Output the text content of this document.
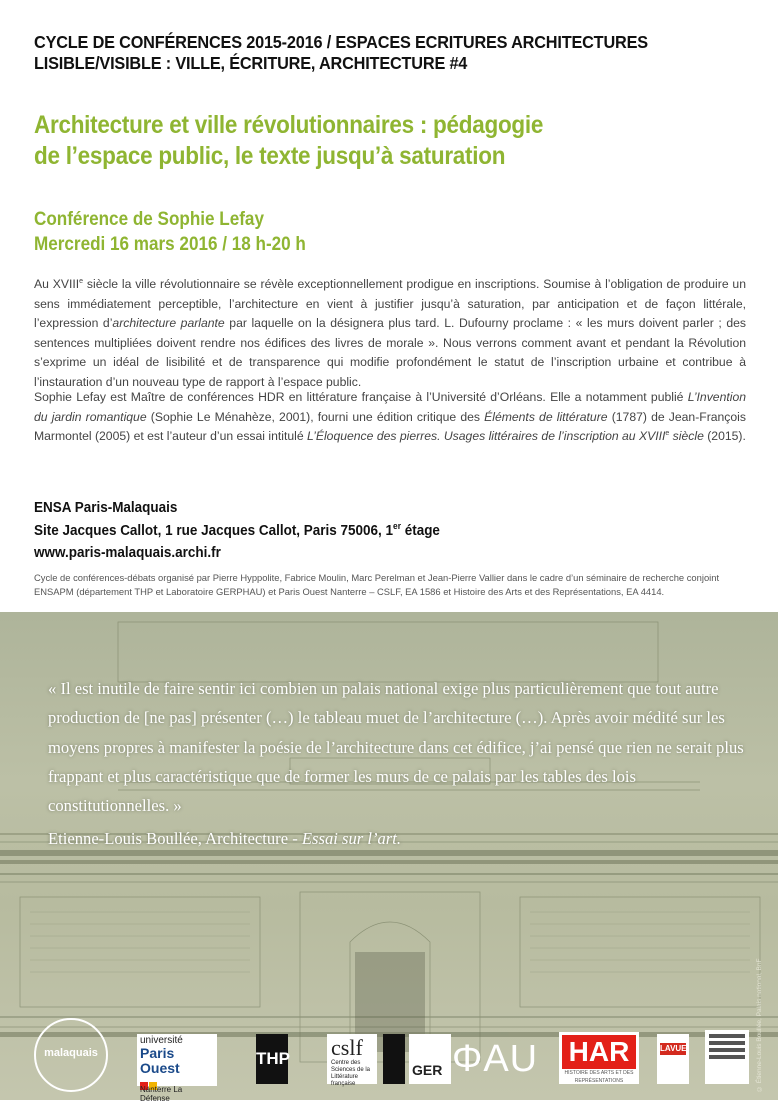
CYCLE DE CONFÉRENCES 2015-2016 / ESPACES ECRITURES ARCHITECTURES
LISIBLE/VISIBLE : VILLE, ÉCRITURE, ARCHITECTURE #4
Architecture et ville révolutionnaires : pédagogie
de l’espace public, le texte jusqu’à saturation
Conférence de Sophie Lefay
Mercredi 16 mars 2016 / 18 h-20 h
Au XVIIIe siècle la ville révolutionnaire se révèle exceptionnellement prodigue en inscriptions. Soumise à l’obligation de produire un sens immédiatement perceptible, l’architecture en vient à justifier jusqu’à saturation, par anticipation et de façon littérale, l’expression d’architecture parlante par laquelle on la désignera plus tard. L. Dufourny proclame : « les murs doivent parler ; des sentences multipliées doivent rendre nos édifices des livres de morale ». Nous verrons comment avant et pendant la Révolution s’exprime un idéal de lisibilité et de transparence qui modifie profondément le statut de l’inscription urbaine et contribue à l’instauration d’un nouveau type de rapport à l’espace public.
Sophie Lefay est Maître de conférences HDR en littérature française à l’Université d’Orléans. Elle a notamment publié L’Invention du jardin romantique (Sophie Le Ménahèze, 2001), fourni une édition critique des Éléments de littérature (1787) de Jean-François Marmontel (2005) et est l’auteur d’un essai intitulé L’Éloquence des pierres. Usages littéraires de l’inscription au XVIIIe siècle (2015).
ENSA Paris-Malaquais
Site Jacques Callot, 1 rue Jacques Callot, Paris 75006, 1er étage
www.paris-malaquais.archi.fr
Cycle de conférences-débats organisé par Pierre Hyppolite, Fabrice Moulin, Marc Perelman et Jean-Pierre Vallier dans le cadre d’un séminaire de recherche conjoint ENSAPM (département THP et Laboratoire GERPHAU) et Paris Ouest Nanterre – CSLF, EA 1586 et Histoire des Arts et des Représentations, EA 4414.
« Il est inutile de faire sentir ici combien un palais national exige plus particulièrement que tout autre production de [ne pas] présenter (…) le tableau muet de l’architecture (…). Après avoir médité sur les moyens propres à manifester la poésie de l’architecture dans cet édifice, j’ai pensé que rien ne serait plus frappant et plus caractéristique que de former les murs de ce palais par les tables des lois constitutionnelles. »
Etienne-Louis Boullée, Architecture - Essai sur l’art.
© Étienne-Louis Boullée, Palais national, BnF
malaquais
université
Paris Ouest
Nanterre La Défense
THP cslf
Centre des Sciences de la Littérature française
GER ΦAU	HAR
HISTOIRE DES ARTS ET DES REPRÉSENTATIONS
LAVUE
